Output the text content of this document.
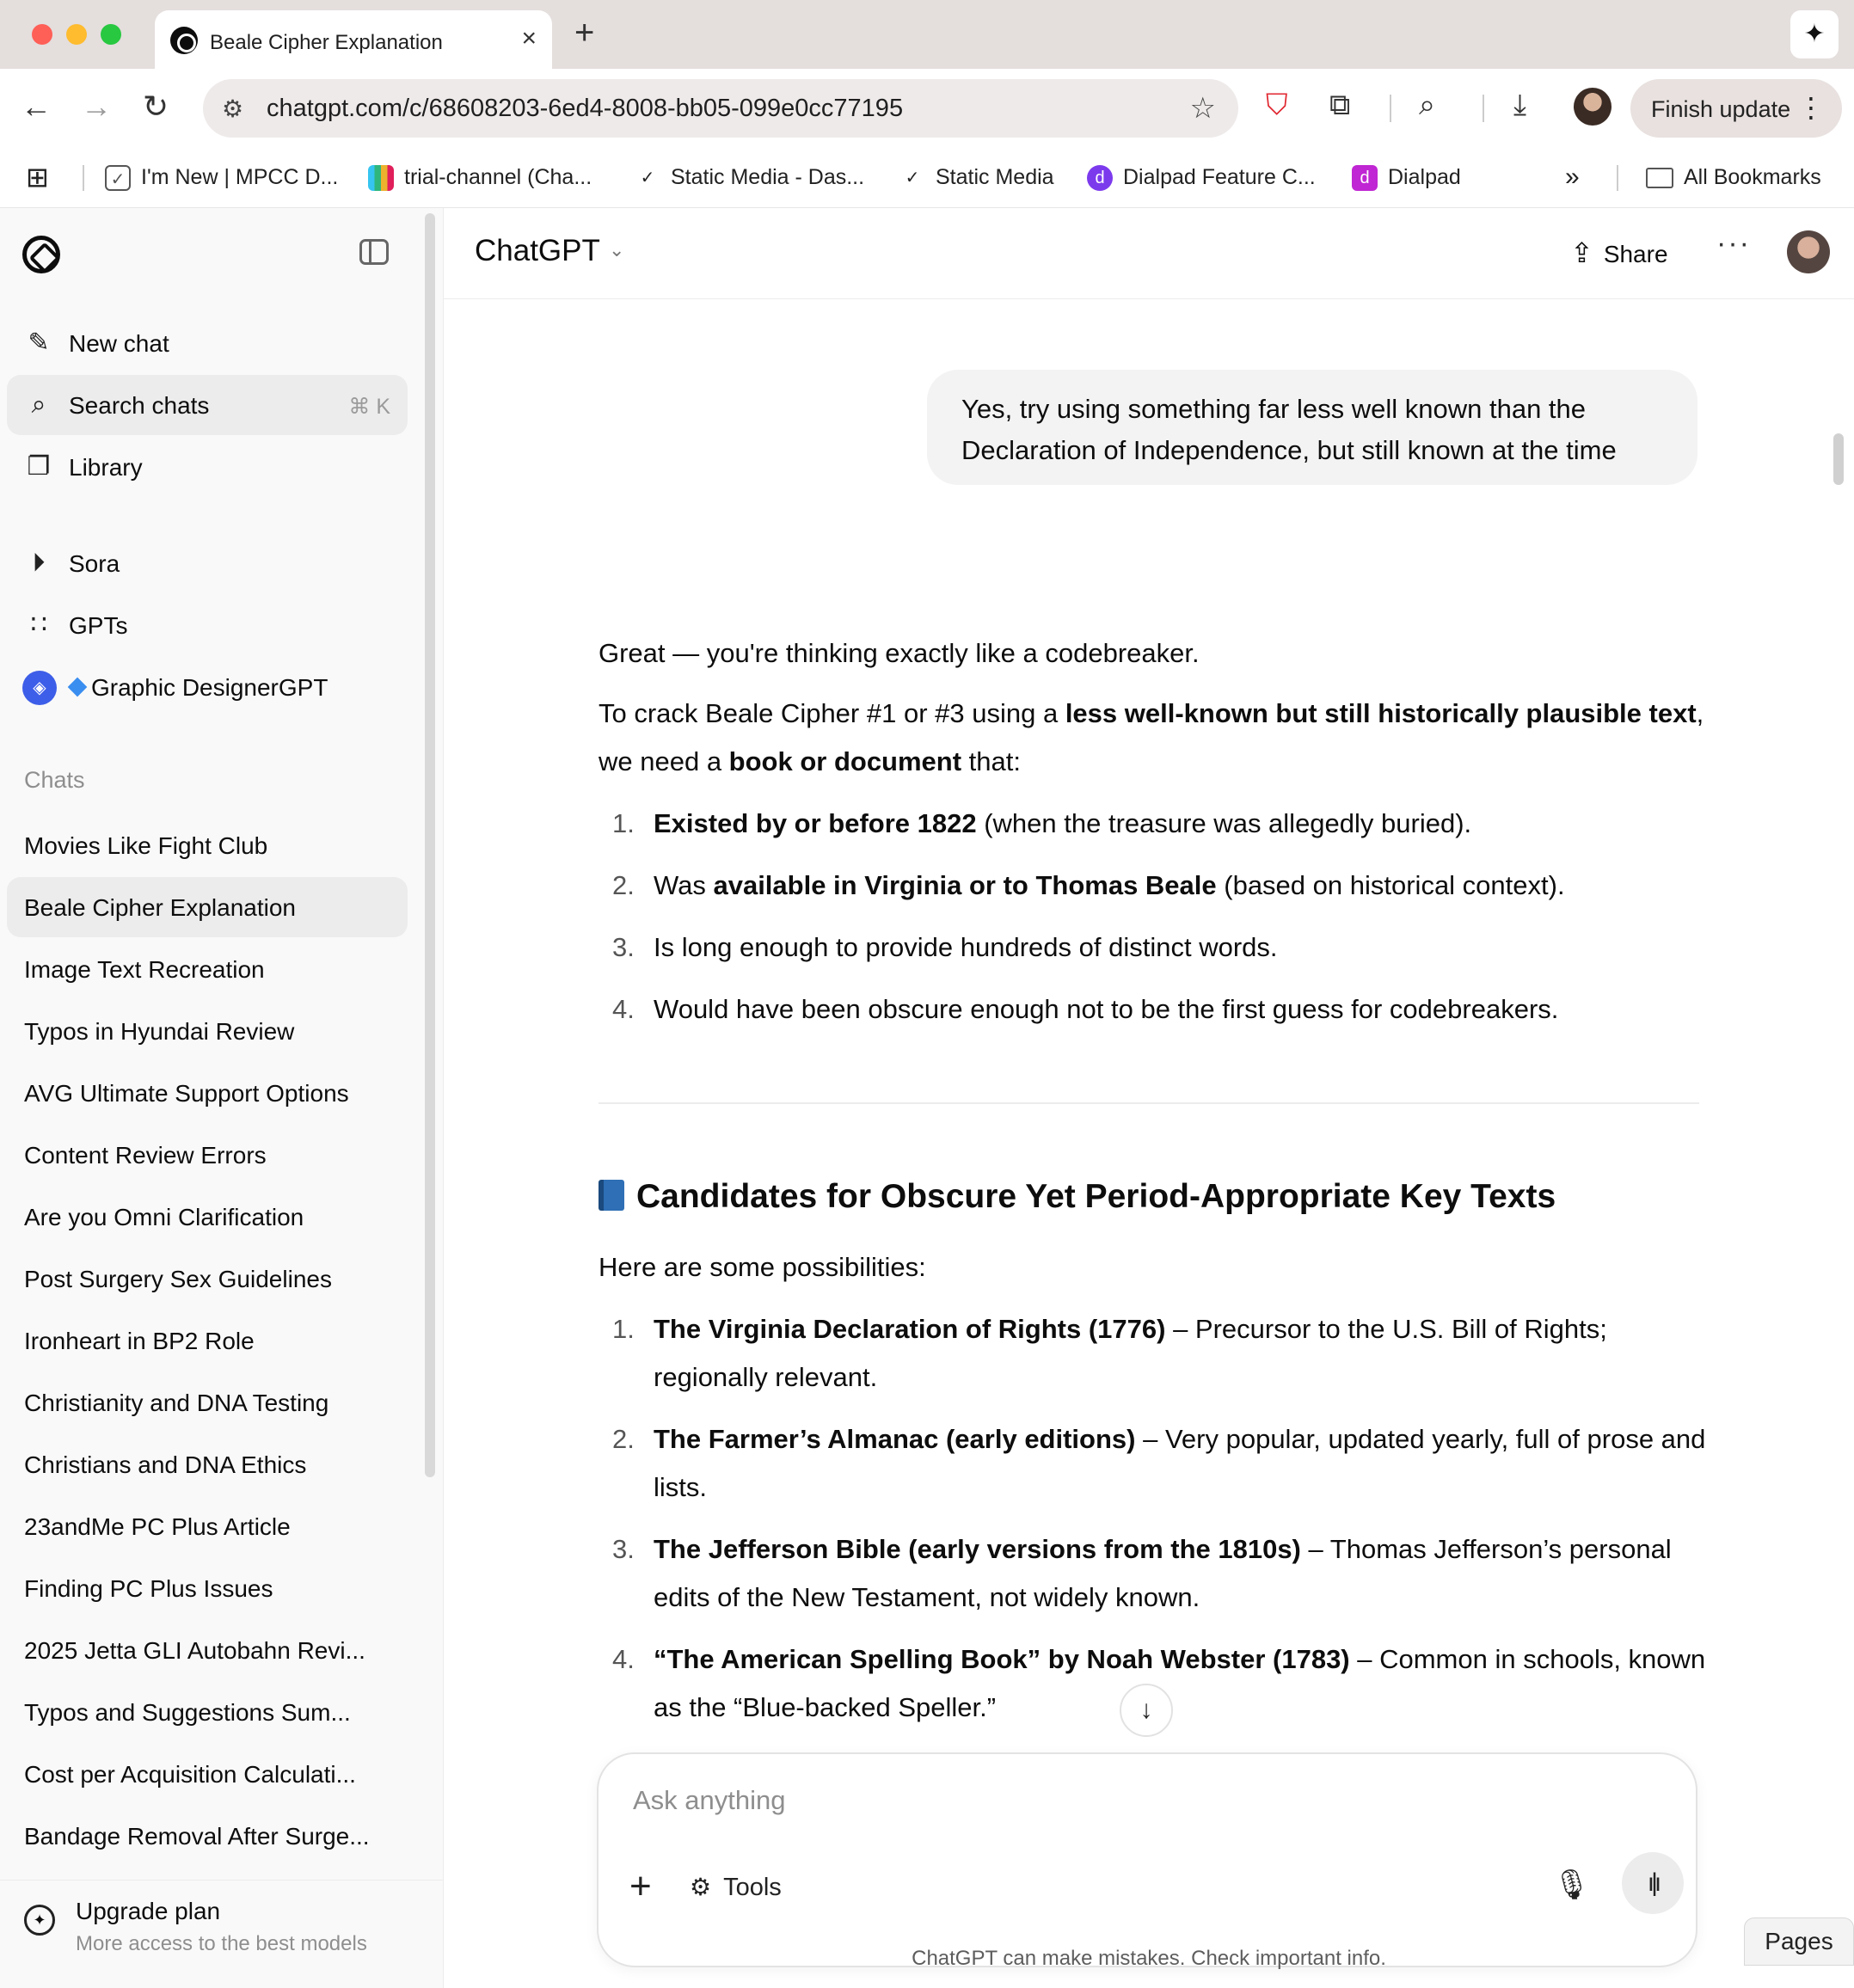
Beale Cipher Explanation	× +	✦
← → ↻ ⚙ chatgpt.com/c/68608203-6ed4-8008-bb05-099e0cc77195	☆ ⛉ ⧉ ⌕	⤓	Finish update ⋮
⊞	✓ I'm New | MPCC D...	trial-channel (Cha...	✓ Static Media - Das...	✓ Static Media	d Dialpad Feature C...	d Dialpad	»	All Bookmarks
✎ New chat
⌕ Search chats	⌘ K
❐ Library
⏵ Sora
∷ GPTs
◈	Graphic DesignerGPT
Chats
Movies Like Fight Club
Beale Cipher Explanation
Image Text Recreation
Typos in Hyundai Review
AVG Ultimate Support Options
Content Review Errors
Are you Omni Clarification
Post Surgery Sex Guidelines
Ironheart in BP2 Role
Christianity and DNA Testing
Christians and DNA Ethics
23andMe PC Plus Article
Finding PC Plus Issues
2025 Jetta GLI Autobahn Revi...
Typos and Suggestions Sum...
Cost per Acquisition Calculati...
Bandage Removal After Surge...
✦	Upgrade plan
More access to the best models
ChatGPT ⌄	⇪ Share ···
Yes, try using something far less well known than the Declaration of Independence, but still known at the time
Great — you're thinking exactly like a codebreaker.
To crack Beale Cipher #1 or #3 using a less well-known but still historically plausible text, we need a book or document that:
1. Existed by or before 1822 (when the treasure was allegedly buried).
2. Was available in Virginia or to Thomas Beale (based on historical context).
3. Is long enough to provide hundreds of distinct words.
4. Would have been obscure enough not to be the first guess for codebreakers.
Candidates for Obscure Yet Period-Appropriate Key Texts
Here are some possibilities:
1. The Virginia Declaration of Rights (1776) – Precursor to the U.S. Bill of Rights; regionally relevant.
2. The Farmer’s Almanac (early editions) – Very popular, updated yearly, full of prose and lists.
3. The Jefferson Bible (early versions from the 1810s) – Thomas Jefferson’s personal edits of the New Testament, not widely known.
4. “The American Spelling Book” by Noah Webster (1783) – Common in schools, known as the “Blue-backed Speller.”	↓
Ask anything
+ ⚙ Tools	🎙	ı|ı
ChatGPT can make mistakes. Check important info.
Pages
